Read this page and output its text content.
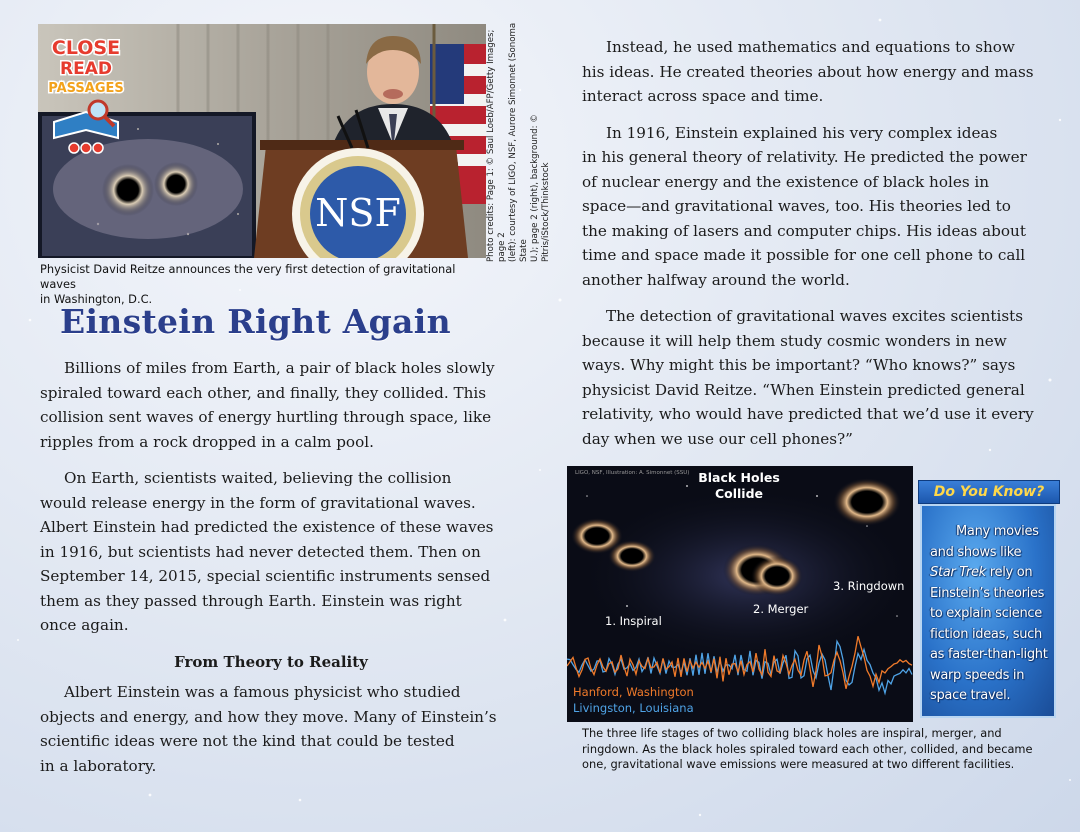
NSF
CLOSE
READ
PASSAGES	Photo credits: Page 1: © Saul Loeb/AFP/Getty Images; page 2 (left): courtesy of LIGO, NSF, Aurore Simonnet (Sonoma State U.); page 2 (right), background: © Pitris/iStock/Thinkstock
Physicist David Reitze announces the very first detection of gravitational waves
in Washington, D.C.
Einstein Right Again

Billions of miles from Earth, a pair of black holes slowly
spiraled toward each other, and finally, they collided. This
collision sent waves of energy hurtling through space, like
ripples from a rock dropped in a calm pool.

On Earth, scientists waited, believing the collision
would release energy in the form of gravitational waves.
Albert Einstein had predicted the existence of these waves
in 1916, but scientists had never detected them. Then on
September 14, 2015, special scientific instruments sensed
them as they passed through Earth. Einstein was right
once again.

From Theory to Reality

Albert Einstein was a famous physicist who studied
objects and energy, and how they move. Many of Einstein’s
scientific ideas were not the kind that could be tested
in a laboratory.

Instead, he used mathematics and equations to show
his ideas. He created theories about how energy and mass
interact across space and time.

In 1916, Einstein explained his very complex ideas
in his general theory of relativity. He predicted the power
of nuclear energy and the existence of black holes in
space—and gravitational waves, too. His theories led to
the making of lasers and computer chips. His ideas about
time and space made it possible for one cell phone to call
another halfway around the world.

The detection of gravitational waves excites scientists
because it will help them study cosmic wonders in new
ways. Why might this be important? “Who knows?” says
physicist David Reitze. “When Einstein predicted general
relativity, who would have predicted that we’d use it every
day when we use our cell phones?”

LIGO, NSF, Illustration: A. Simonnet (SSU) Black Holes
Collide
1. Inspiral
2. Merger
3. Ringdown
Hanford, Washington
Livingston, Louisiana
The three life stages of two colliding black holes are inspiral, merger, and
ringdown. As the black holes spiraled toward each other, collided, and became
one, gravitational wave emissions were measured at two different facilities.
Do You Know?
Many movies
and shows like
Star Trek rely on
Einstein’s theories
to explain science
fiction ideas, such
as faster-than-light
warp speeds in
space travel.
